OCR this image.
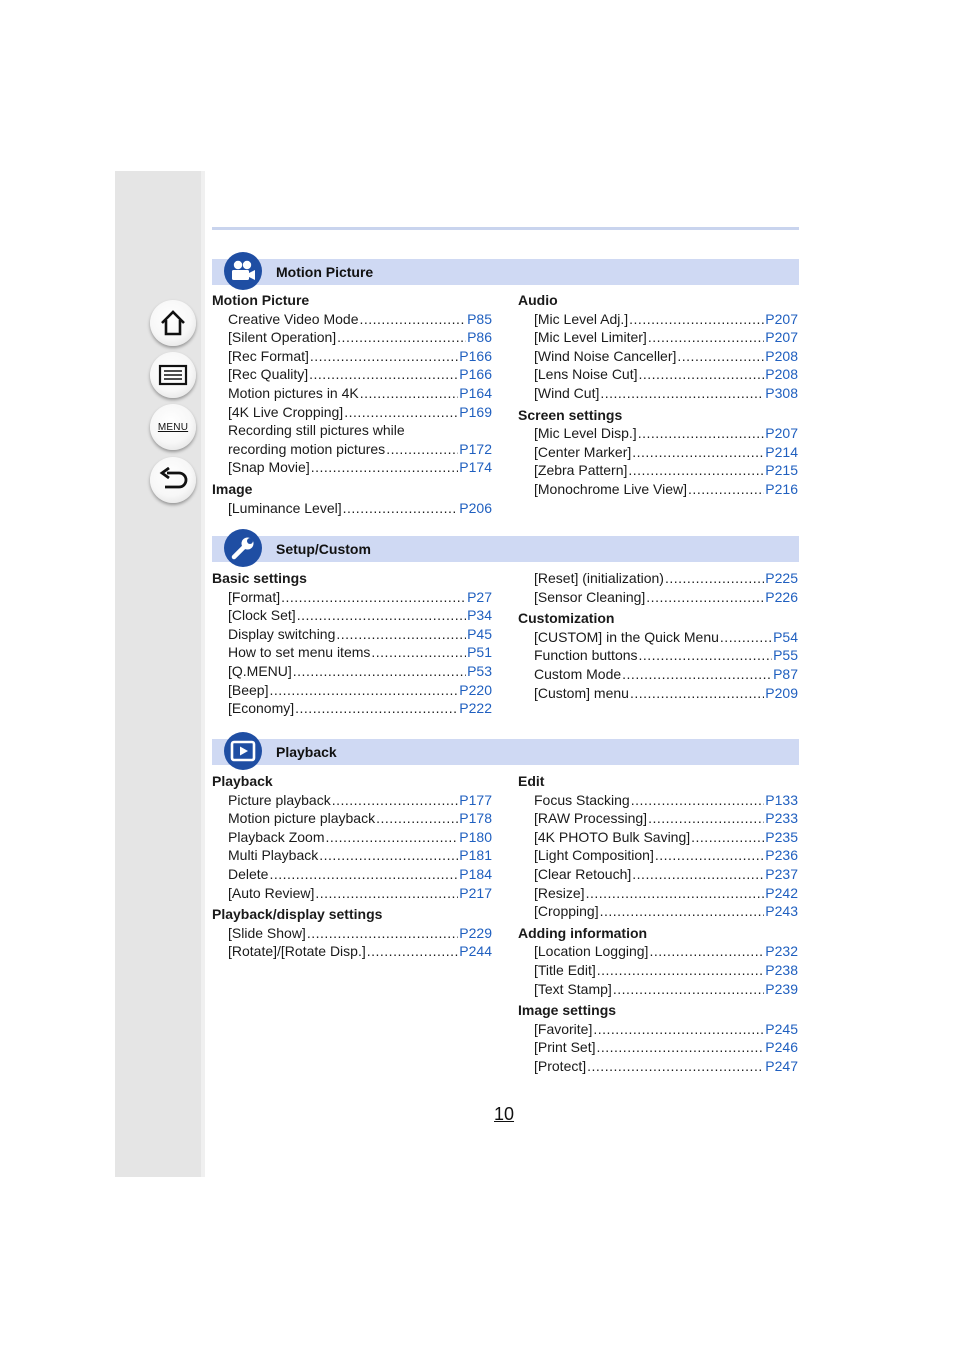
MENU
Motion Picture
Motion Picture
Creative Video Mode .....	P85
[Silent Operation] .....	P86
[Rec Format] .....	P166
[Rec Quality] .....	P166
Motion pictures in 4K .....	P164
[4K Live Cropping] .....	P169
Recording still pictures while
recording motion pictures .....	P172
[Snap Movie] .....	P174
Image
[Luminance Level] .....	P206
Audio
[Mic Level Adj.] .....	P207
[Mic Level Limiter] .....	P207
[Wind Noise Canceller] .....	P208
[Lens Noise Cut] .....	P208
[Wind Cut] .....	P308
Screen settings
[Mic Level Disp.] .....	P207
[Center Marker] .....	P214
[Zebra Pattern] .....	P215
[Monochrome Live View] .....	P216
Setup/Custom
Basic settings
[Format] .....	P27
[Clock Set] .....	P34
Display switching .....	P45
How to set menu items .....	P51
[Q.MENU] .....	P53
[Beep] .....	P220
[Economy] .....	P222
[Reset] (initialization) .....	P225
[Sensor Cleaning] .....	P226
Customization
[CUSTOM] in the Quick Menu .....	P54
Function buttons .....	P55
Custom Mode .....	P87
[Custom] menu .....	P209
Playback
Playback
Picture playback .....	P177
Motion picture playback .....	P178
Playback Zoom .....	P180
Multi Playback .....	P181
Delete .....	P184
[Auto Review] .....	P217
Playback/display settings
[Slide Show] .....	P229
[Rotate]/[Rotate Disp.] .....	P244
Edit
Focus Stacking .....	P133
[RAW Processing] .....	P233
[4K PHOTO Bulk Saving] .....	P235
[Light Composition] .....	P236
[Clear Retouch] .....	P237
[Resize] .....	P242
[Cropping] .....	P243
Adding information
[Location Logging] .....	P232
[Title Edit] .....	P238
[Text Stamp] .....	P239
Image settings
[Favorite] .....	P245
[Print Set] .....	P246
[Protect] .....	P247
10
